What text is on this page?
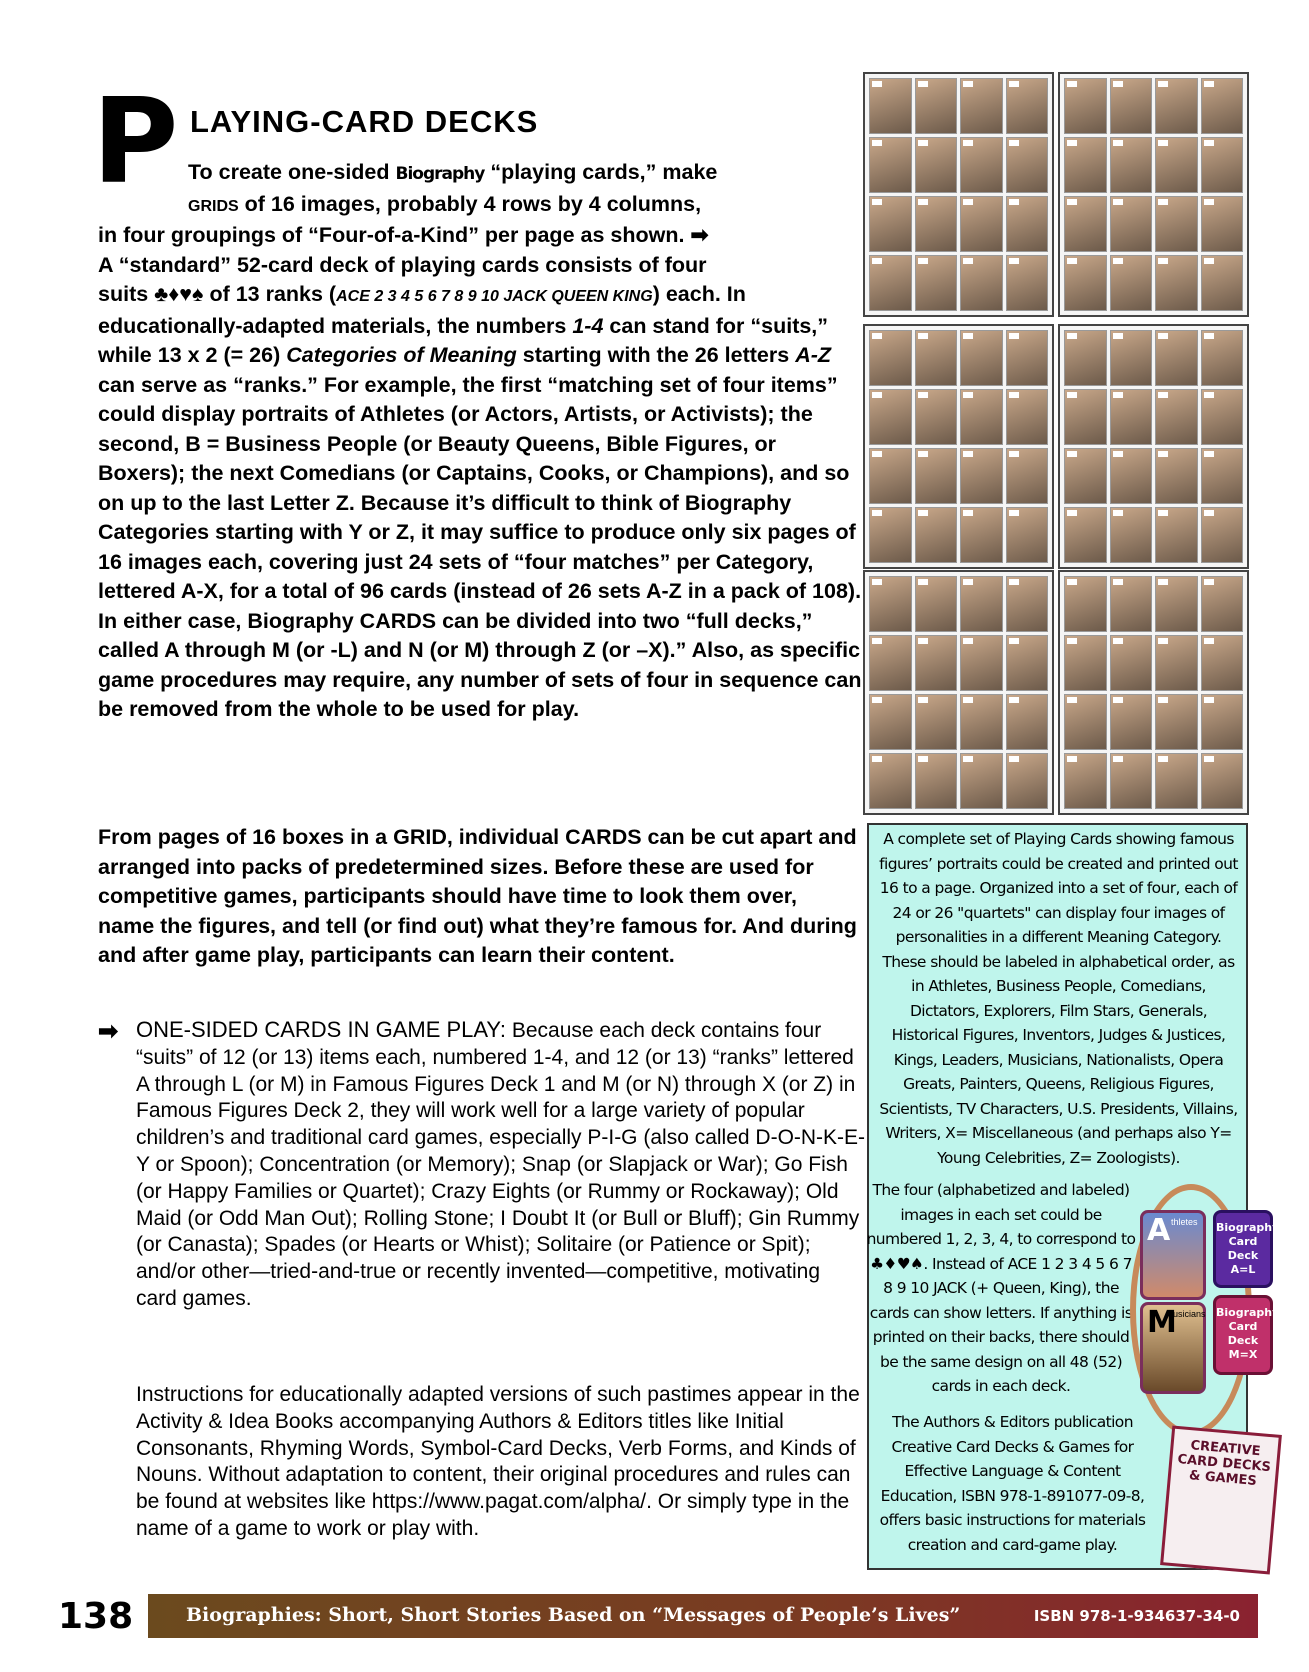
P LAYING-CARD DECKS
To create one-sided Biography “playing cards,” make
GRIDS of 16 images, probably 4 rows by 4 columns,
in four groupings of “Four-of-a-Kind” per page as shown. ➡
A “standard” 52-card deck of playing cards consists of four
suits ♣♦♥♠ of 13 ranks (ACE 2 3 4 5 6 7 8 9 10 JACK QUEEN KING) each. In educationally-adapted materials, the numbers 1-4 can stand for “suits,” while 13 x 2 (= 26) Categories of Meaning starting with the 26 letters A-Z can serve as “ranks.” For example, the first “matching set of four items” could display portraits of Athletes (or Actors, Artists, or Activists); the second, B = Business People (or Beauty Queens, Bible Figures, or Boxers); the next Comedians (or Captains, Cooks, or Champions), and so on up to the last Letter Z. Because it’s difficult to think of Biography Categories starting with Y or Z, it may suffice to produce only six pages of 16 images each, covering just 24 sets of “four matches” per Category, lettered A-X, for a total of 96 cards (instead of 26 sets A-Z in a pack of 108). In either case, Biography CARDS can be divided into two “full decks,” called A through M (or -L) and N (or M) through Z (or –X).” Also, as specific game procedures may require, any number of sets of four in sequence can be removed from the whole to be used for play.
From pages of 16 boxes in a GRID, individual CARDS can be cut apart and arranged into packs of predetermined sizes. Before these are used for competitive games, participants should have time to look them over, name the figures, and tell (or find out) what they’re famous for. And during and after game play, participants can learn their content.
➡ ONE-SIDED CARDS IN GAME PLAY: Because each deck contains four “suits” of 12 (or 13) items each, numbered 1-4, and 12 (or 13) “ranks” lettered A through L (or M) in Famous Figures Deck 1 and M (or N) through X (or Z) in Famous Figures Deck 2, they will work well for a large variety of popular children’s and traditional card games, especially P-I-G (also called D-O-N-K-E-Y or Spoon); Concentration (or Memory); Snap (or Slapjack or War); Go Fish (or Happy Families or Quartet); Crazy Eights (or Rummy or Rockaway); Old Maid (or Odd Man Out); Rolling Stone; I Doubt It (or Bull or Bluff); Gin Rummy (or Canasta); Spades (or Hearts or Whist); Solitaire (or Patience or Spit); and/or other—tried-and-true or recently invented—competitive, motivating card games.
Instructions for educationally adapted versions of such pastimes appear in the Activity & Idea Books accompanying Authors & Editors titles like Initial Consonants, Rhyming Words, Symbol-Card Decks, Verb Forms, and Kinds of Nouns. Without adaptation to content, their original procedures and rules can be found at websites like https://www.pagat.com/alpha/. Or simply type in the name of a game to work or play with.
A complete set of Playing Cards showing famous figures’ portraits could be created and printed out 16 to a page. Organized into a set of four, each of 24 or 26 "quartets" can display four images of personalities in a different Meaning Category. These should be labeled in alphabetical order, as in Athletes, Business People, Comedians, Dictators, Explorers, Film Stars, Generals, Historical Figures, Inventors, Judges & Justices, Kings, Leaders, Musicians, Nationalists, Opera Greats, Painters, Queens, Religious Figures, Scientists, TV Characters, U.S. Presidents, Villains, Writers, X= Miscellaneous (and perhaps also Y= Young Celebrities, Z= Zoologists).
The four (alphabetized and labeled) images in each set could be numbered 1, 2, 3, 4, to correspond to ♣♦♥♠. Instead of ACE 1 2 3 4 5 6 7 8 9 10 JACK (+ Queen, King), the cards can show letters. If anything is printed on their backs, there should be the same design on all 48 (52) cards in each deck.
The Authors & Editors publication Creative Card Decks & Games for Effective Language & Content Education, ISBN 978-1-891077-09-8, offers basic instructions for materials creation and card-game play.
A thletes Biography Card Deck A=L
M
usicians Biography Card Deck M=X
CREATIVE CARD DECKS & GAMES
138	Biographies: Short, Short Stories Based on “Messages of People’s Lives”	ISBN 978-1-934637-34-0
